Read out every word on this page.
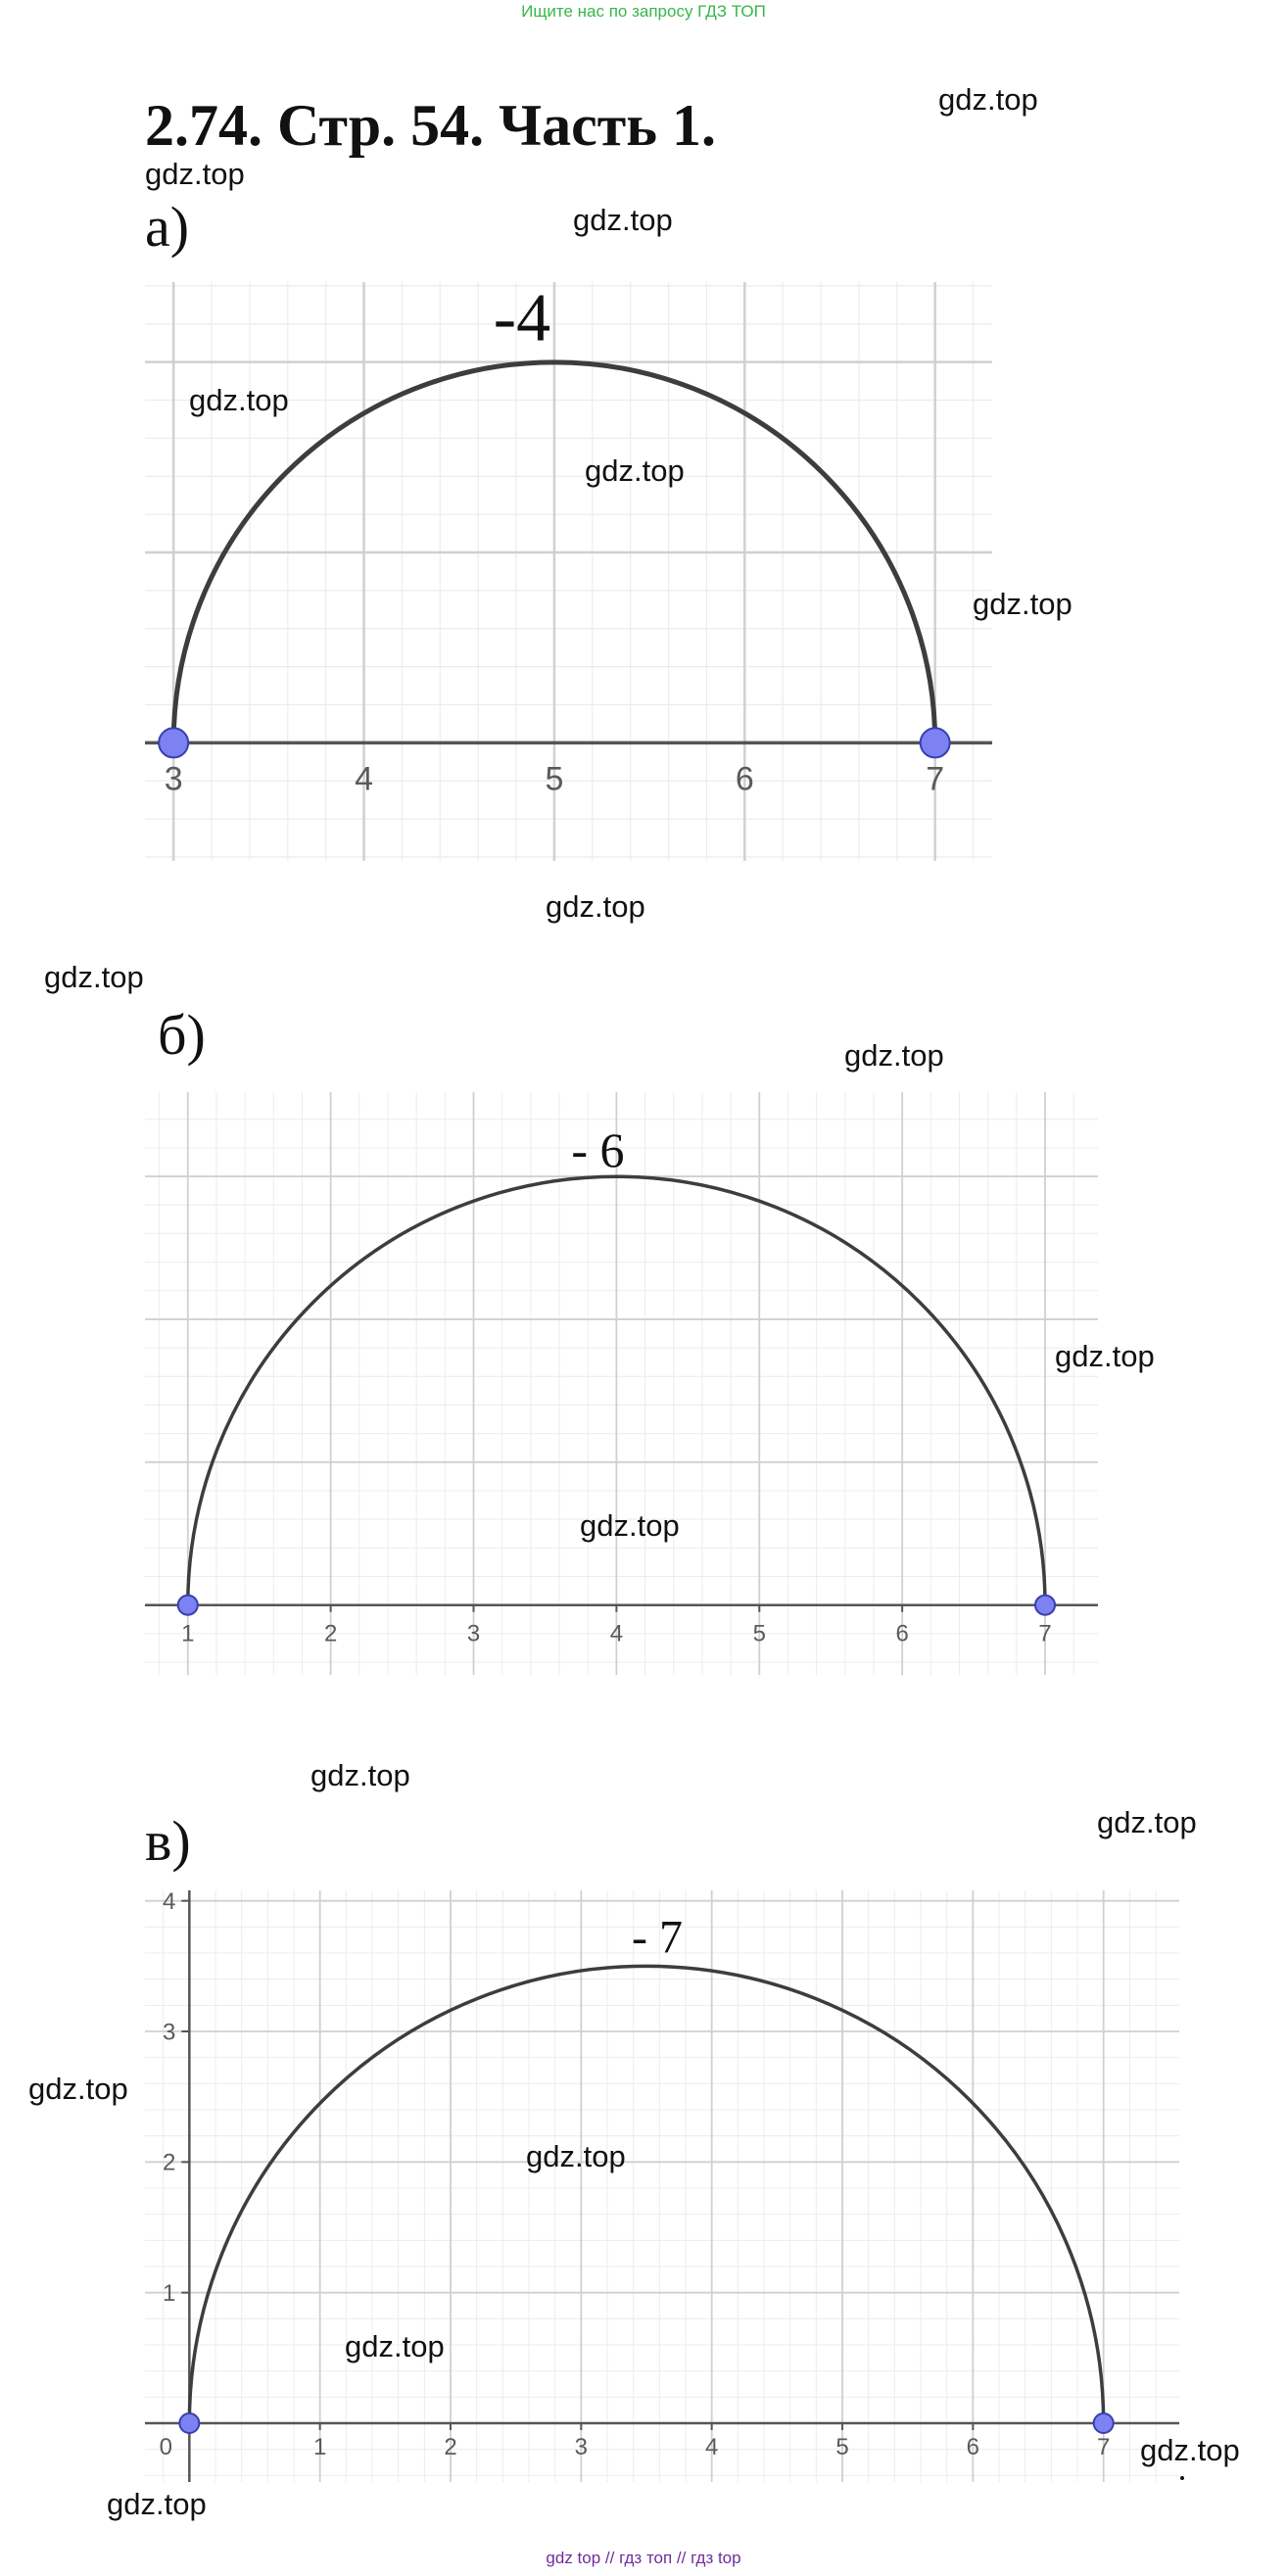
Ищите нас по запросу ГДЗ ТОП
2.74. Стр. 54. Часть 1.
а)
3	4	5	6	7
-4
б)
1	2	3	4	5	6	7
- 6
в)
0	1	2	3	4	5	6	7
1
2
3
4
- 7
gdz.top
gdz.top
gdz.top
gdz.top
gdz.top
gdz.top
gdz.top
gdz.top
gdz.top
gdz.top
gdz.top
gdz.top
gdz.top
gdz.top
gdz.top
gdz.top
gdz.top
gdz.top
gdz top // гдз топ // гдз top
